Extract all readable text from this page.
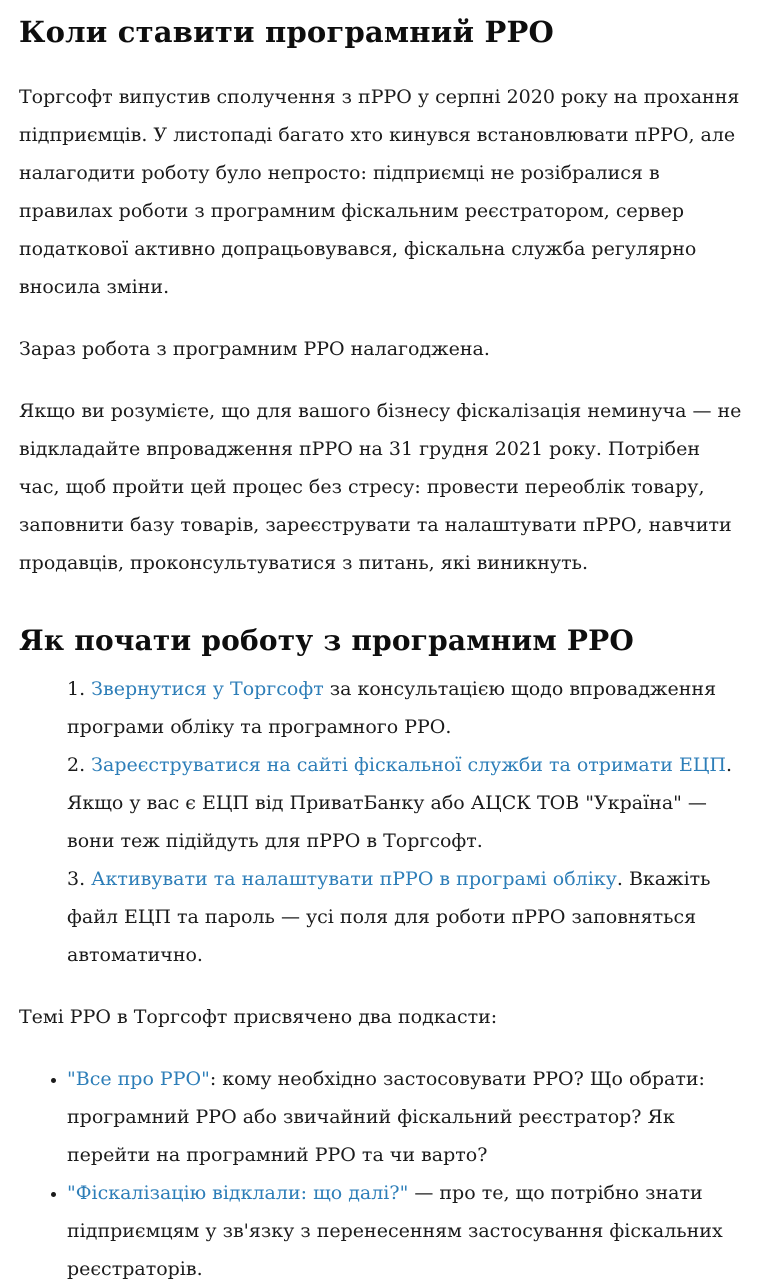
Коли ставити програмний РРО

Торгсофт випустив сполучення з пРРО у серпні 2020 року на прохання підприємців. У листопаді багато хто кинувся встановлювати пРРО, але налагодити роботу було непросто: підприємці не розібралися в правилах роботи з програмним фіскальним реєстратором, сервер податкової активно допрацьовувався, фіскальна служба регулярно вносила зміни.

Зараз робота з програмним РРО налагоджена.

Якщо ви розумієте, що для вашого бізнесу фіскалізація неминуча — не відкладайте впровадження пРРО на 31 грудня 2021 року. Потрібен час, щоб пройти цей процес без стресу: провести переоблік товару, заповнити базу товарів, зареєструвати та налаштувати пРРО, навчити продавців, проконсультуватися з питань, які виникнуть.

Як почати роботу з програмним РРО
1. Звернутися у Торгсофт за консультацією щодо впровадження програми обліку та програмного РРО.
2. Зареєструватися на сайті фіскальної служби та отримати ЕЦП. Якщо у вас є ЕЦП від ПриватБанку або АЦСК ТОВ "Україна" — вони теж підійдуть для пРРО в Торгсофт.
3. Активувати та налаштувати пРРО в програмі обліку. Вкажіть файл ЕЦП та пароль — усі поля для роботи пРРО заповняться автоматично.

Темі РРО в Торгсофт присвячено два подкасти:

• "Все про РРО": кому необхідно застосовувати РРО? Що обрати: програмний РРО або звичайний фіскальний реєстратор? Як перейти на програмний РРО та чи варто?
• "Фіскалізацію відклали: що далі?" — про те, що потрібно знати підприємцям у зв'язку з перенесенням застосування фіскальних реєстраторів.
